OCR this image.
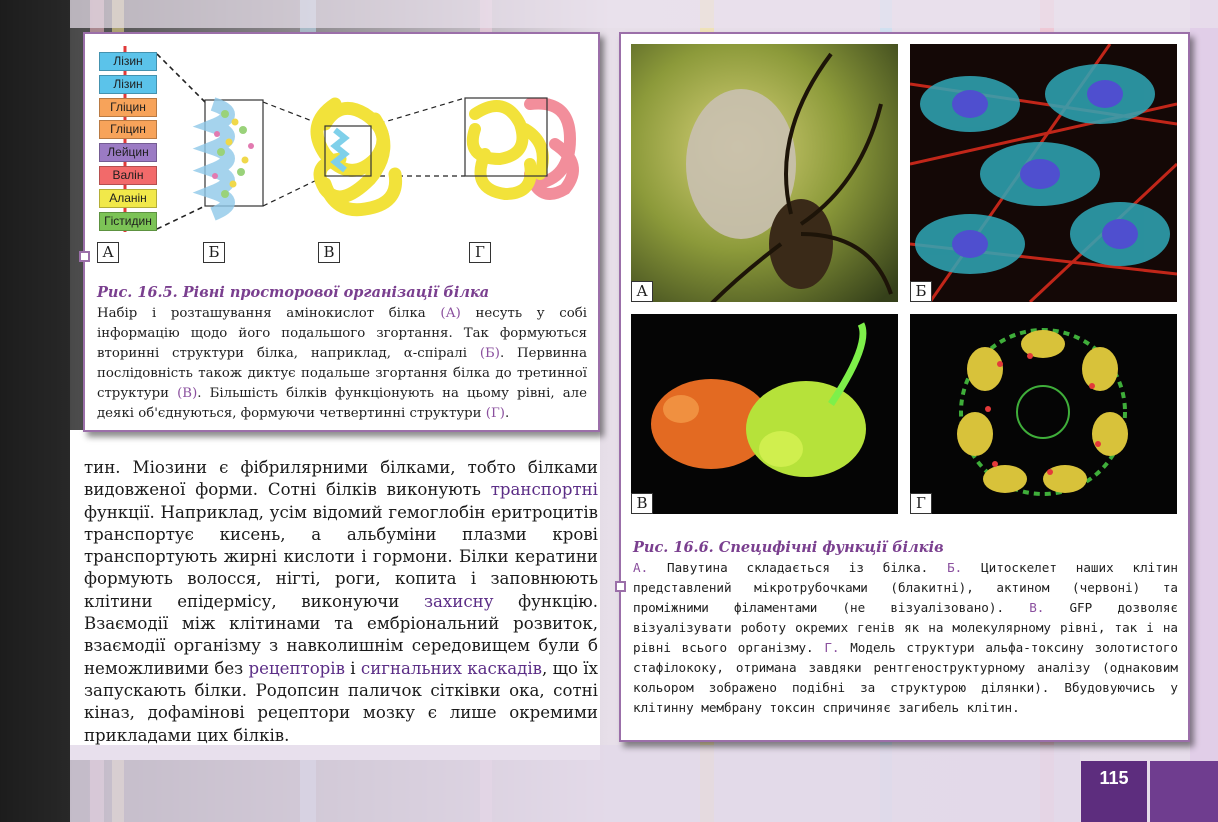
Лізин
Лізин
Гліцин
Гліцин
Лейцин
Валін
Аланін
Гістидин
А	Б	В	Г
Рис. 16.5. Рівні просторової організації білка
Набір і розташування амінокислот білка (А) несуть у собі інформацію щодо його подальшого згортання. Так формуються вторинні структури білка, наприклад, α-спіралі (Б). Первинна послідовність також диктує подальше згортання білка до третинної структури (В). Більшість білків функціонують на цьому рівні, але деякі об'єднуються, формуючи четвертинні структури (Г).
А	Б
В	Г
Рис. 16.6. Специфічні функції білків
А. Павутина складається із білка. Б. Цитоскелет наших клітин представлений мікротрубочками (блакитні), актином (червоні) та проміжними філаментами (не візуалізовано). В. GFP дозволяє візуалізувати роботу окремих генів як на молекулярному рівні, так і на рівні всього організму. Г. Модель структури альфа-токсину золотистого стафілококу, отримана завдяки рентгеноструктурному аналізу (однаковим кольором зображено подібні за структурою ділянки). Вбудовуючись у клітинну мембрану токсин спричиняє загибель клітин.
тин. Міозини є фібрилярними білками, тобто білками видовженої форми. Сотні білків виконують транспортні функції. Наприклад, усім відомий гемоглобін еритроцитів транспортує кисень, а альбуміни плазми крові транспортують жирні кислоти і гормони. Білки кератини формують волосся, нігті, роги, копита і заповнюють клітини епідермісу, виконуючи захисну функцію. Взаємодії між клітинами та ембріональний розвиток, взаємодії організму з навколишнім середовищем були б неможливими без рецепторів і сигнальних каскадів, що їх запускають білки. Родопсин паличок сітківки ока, сотні кіназ, дофамінові рецептори мозку є лише окремими прикладами цих білків.
115
